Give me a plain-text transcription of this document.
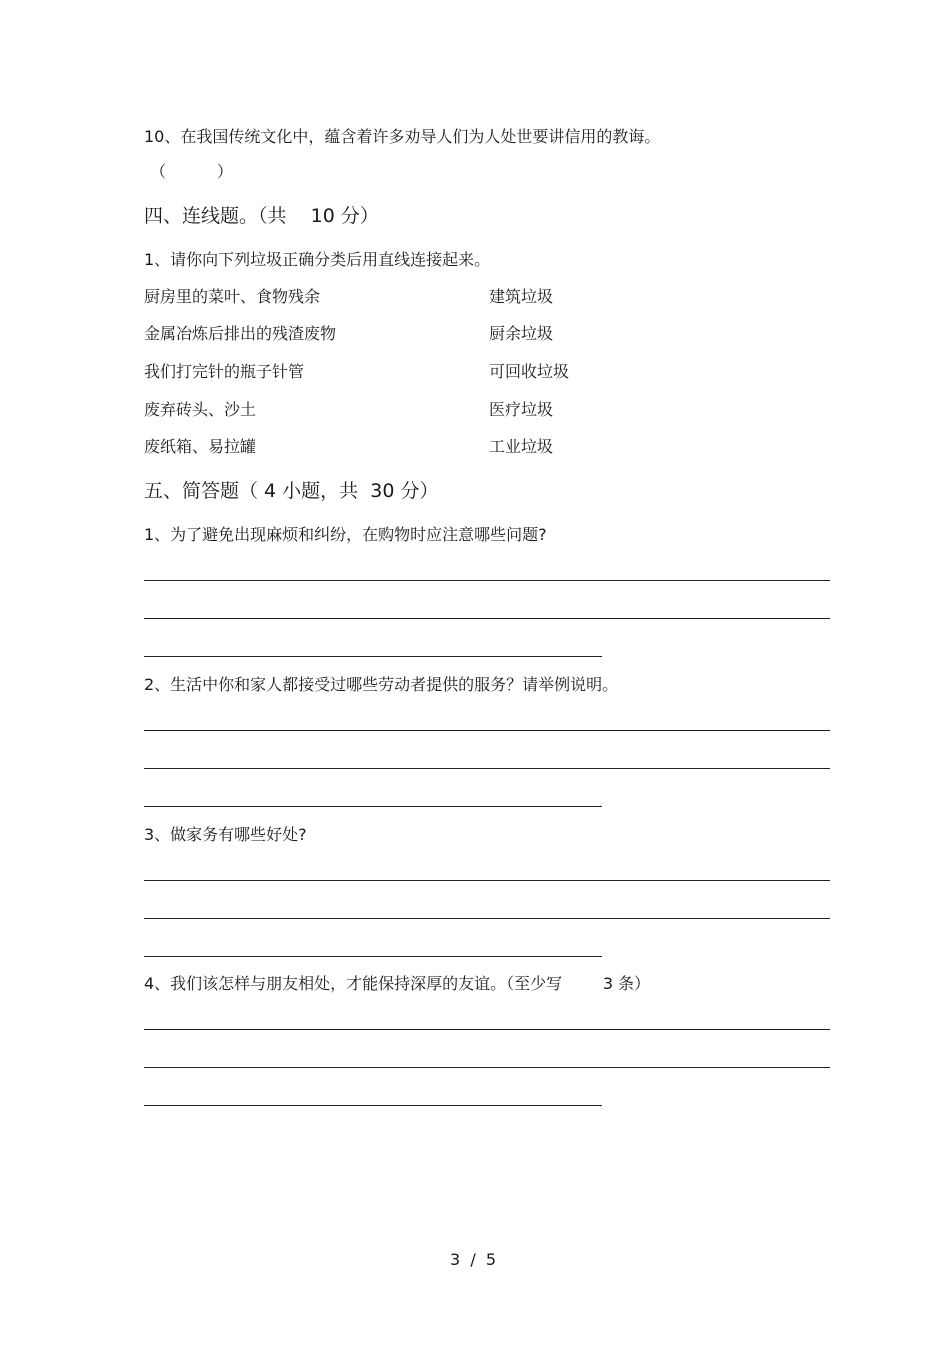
10、在我国传统文化中，蕴含着许多劝导人们为人处世要讲信用的教诲。
（          ）
四、连线题。（共    10 分）
1、请你向下列垃圾正确分类后用直线连接起来。
厨房里的菜叶、食物残余
金属冶炼后排出的残渣废物
我们打完针的瓶子针管
废弃砖头、沙土
废纸箱、易拉罐
建筑垃圾
厨余垃圾
可回收垃圾
医疗垃圾
工业垃圾
五、简答题（ 4 小题，共  30 分）
1、为了避免出现麻烦和纠纷，在购物时应注意哪些问题?
2、生活中你和家人都接受过哪些劳动者提供的服务？请举例说明。
3、做家务有哪些好处?
4、我们该怎样与朋友相处，才能保持深厚的友谊。（至少写        3 条）
3  /  5
